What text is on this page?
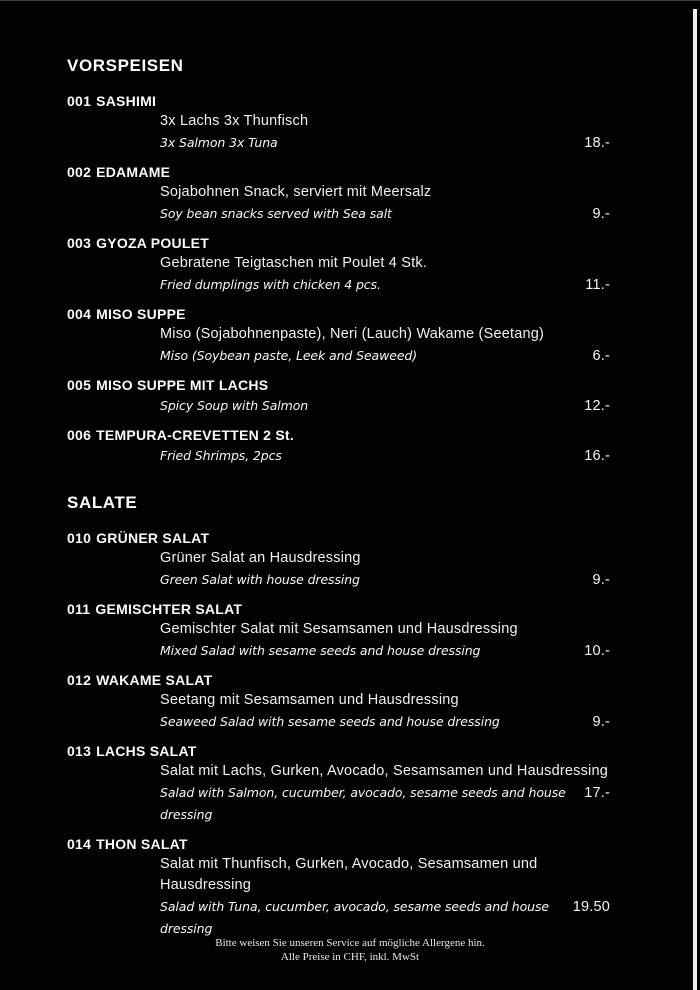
VORSPEISEN
001 SASHIMI

3x Lachs 3x Thunfisch

3x Salmon 3x Tuna	18.-
002 EDAMAME

Sojabohnen Snack, serviert mit Meersalz

Soy bean snacks served with Sea salt	9.-
003 GYOZA POULET

Gebratene Teigtaschen mit Poulet 4 Stk.

Fried dumplings with chicken 4 pcs.	11.-
004 MISO SUPPE

Miso (Sojabohnenpaste), Neri (Lauch) Wakame (Seetang)

Miso (Soybean paste, Leek and Seaweed)	6.-
005 MISO SUPPE MIT LACHS

Spicy Soup with Salmon	12.-
006 TEMPURA-CREVETTEN 2 St.

Fried Shrimps, 2pcs	16.-
SALATE
010 GRÜNER SALAT

Grüner Salat an Hausdressing

Green Salat with house dressing	9.-
011 GEMISCHTER SALAT

Gemischter Salat mit Sesamsamen und Hausdressing

Mixed Salad with sesame seeds and house dressing	10.-
012 WAKAME SALAT

Seetang mit Sesamsamen und Hausdressing

Seaweed Salad with sesame seeds and house dressing	9.-
013 LACHS SALAT

Salat mit Lachs, Gurken, Avocado, Sesamsamen und Hausdressing

Salad with Salmon, cucumber, avocado, sesame seeds and house dressing

17.-
014 THON SALAT

Salat mit Thunfisch, Gurken, Avocado, Sesamsamen und Hausdressing

Salad with Tuna, cucumber, avocado, sesame seeds and house dressing

19.50

Bitte weisen Sie unseren Service auf mögliche Allergene hin.

Alle Preise in CHF, inkl. MwSt
